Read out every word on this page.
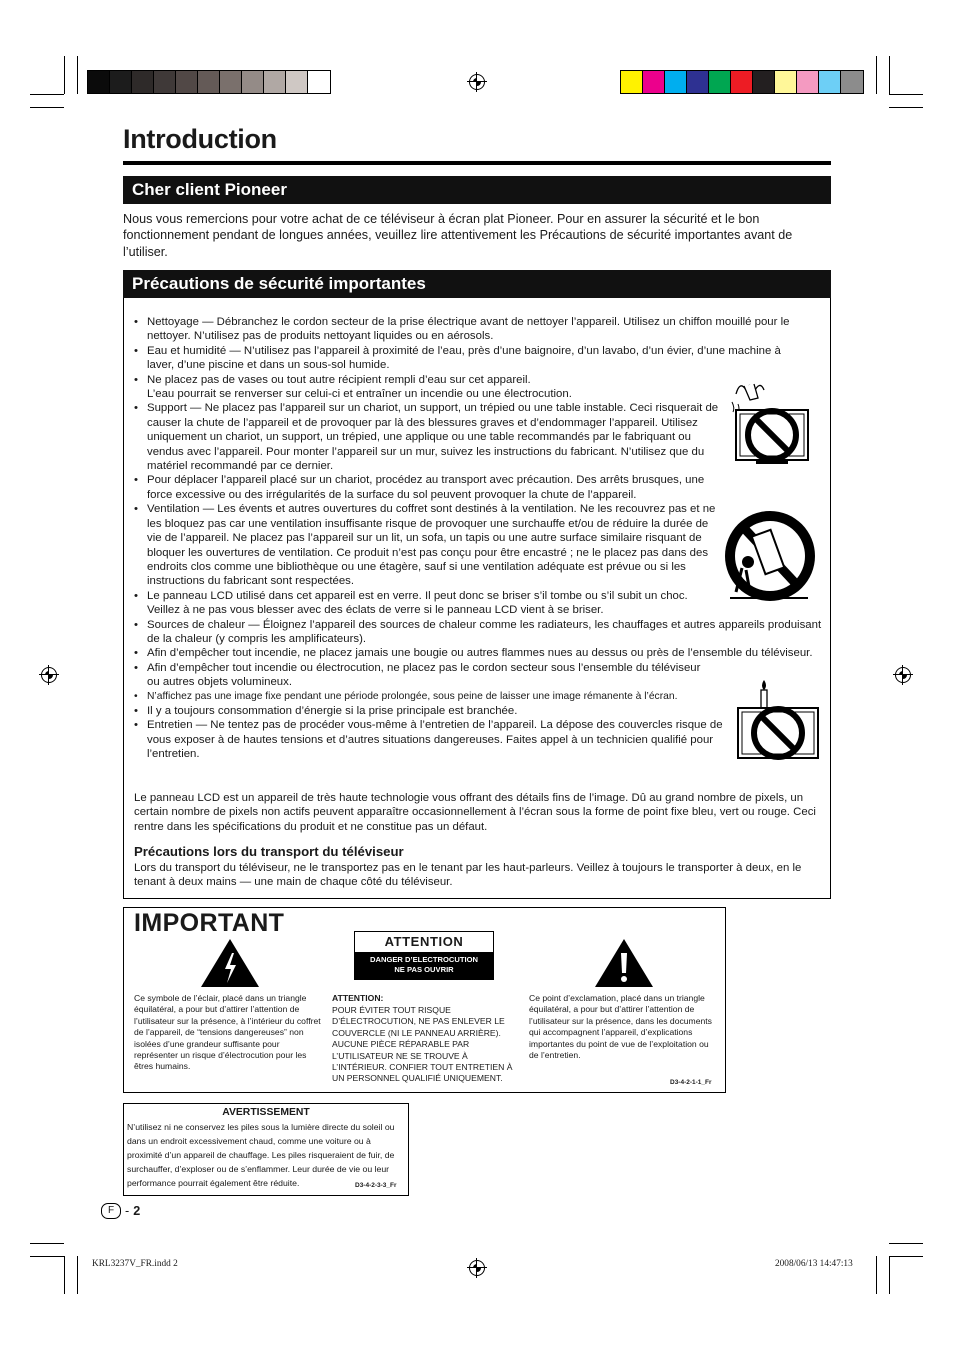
Introduction
Cher client Pioneer
Nous vous remercions pour votre achat de ce téléviseur à écran plat Pioneer. Pour en assurer la sécurité et le bon fonctionnement pendant de longues années, veuillez lire attentivement les Précautions de sécurité importantes avant de l’utiliser.
Précautions de sécurité importantes
• Nettoyage — Débranchez le cordon secteur de la prise électrique avant de nettoyer l’appareil. Utilisez un chiffon mouillé pour le nettoyer. N’utilisez pas de produits nettoyant liquides ou en aérosols.
• Eau et humidité — N’utilisez pas l’appareil à proximité de l’eau, près d’une baignoire, d’un lavabo, d’un évier, d’une machine à laver, d’une piscine et dans un sous-sol humide.
• Ne placez pas de vases ou tout autre récipient rempli d’eau sur cet appareil.
L’eau pourrait se renverser sur celui-ci et entraîner un incendie ou une électrocution.
• Support — Ne placez pas l’appareil sur un chariot, un support, un trépied ou une table instable. Ceci risquerait de causer la chute de l’appareil et de provoquer par là des blessures graves et d’endommager l’appareil. Utilisez uniquement un chariot, un support, un trépied, une applique ou une table recommandés par le fabriquant ou vendus avec l’appareil. Pour monter l’appareil sur un mur, suivez les instructions du fabricant. N’utilisez que du matériel recommandé par ce dernier.
• Pour déplacer l’appareil placé sur un chariot, procédez au transport avec précaution. Des arrêts brusques, une force excessive ou des irrégularités de la surface du sol peuvent provoquer la chute de l’appareil.
• Ventilation — Les évents et autres ouvertures du coffret sont destinés à la ventilation. Ne les recouvrez pas et ne les bloquez pas car une ventilation insuffisante risque de provoquer une surchauffe et/ou de réduire la durée de vie de l’appareil. Ne placez pas l’appareil sur un lit, un sofa, un tapis ou une autre surface similaire risquant de bloquer les ouvertures de ventilation. Ce produit n’est pas conçu pour être encastré ; ne le placez pas dans des endroits clos comme une bibliothèque ou une étagère, sauf si une ventilation adéquate est prévue ou si les instructions du fabricant sont respectées.
• Le panneau LCD utilisé dans cet appareil est en verre. Il peut donc se briser s’il tombe ou s’il subit un choc. Veillez à ne pas vous blesser avec des éclats de verre si le panneau LCD vient à se briser.
• Sources de chaleur — Éloignez l’appareil des sources de chaleur comme les radiateurs, les chauffages et autres appareils produisant de la chaleur (y compris les amplificateurs).
• Afin d’empêcher tout incendie, ne placez jamais une bougie ou autres flammes nues au dessus ou près de l’ensemble du téléviseur.
• Afin d’empêcher tout incendie ou électrocution, ne placez pas le cordon secteur sous l’ensemble du téléviseur ou autres objets volumineux.
• N’affichez pas une image fixe pendant une période prolongée, sous peine de laisser une image rémanente à l’écran.
• Il y a toujours consommation d’énergie si la prise principale est branchée.
• Entretien — Ne tentez pas de procéder vous-même à l’entretien de l’appareil. La dépose des couvercles risque de vous exposer à de hautes tensions et d’autres situations dangereuses. Faites appel à un technicien qualifié pour l’entretien.
Le panneau LCD est un appareil de très haute technologie vous offrant des détails fins de l’image. Dû au grand nombre de pixels, un certain nombre de pixels non actifs peuvent apparaître occasionnellement à l’écran sous la forme de point fixe bleu, vert ou rouge. Ceci rentre dans les spécifications du produit et ne constitue pas un défaut.
Précautions lors du transport du téléviseur
Lors du transport du téléviseur, ne le transportez pas en le tenant par les haut-parleurs. Veillez à toujours le transporter à deux, en le tenant à deux mains — une main de chaque côté du téléviseur.
IMPORTANT
ATTENTION
DANGER D’ELECTROCUTION
NE PAS OUVRIR
Ce symbole de l’éclair, placé dans un triangle équilatéral, a pour but d’attirer l’attention de l’utilisateur sur la présence, à l’intérieur du coffret de l’appareil, de “tensions dangereuses” non isolées d’une grandeur suffisante pour représenter un risque d’électrocution pour les êtres humains.
ATTENTION:
POUR ÉVITER TOUT RISQUE D’ÉLECTROCUTION, NE PAS ENLEVER LE COUVERCLE (NI LE PANNEAU ARRIÈRE). AUCUNE PIÈCE RÉPARABLE PAR L’UTILISATEUR NE SE TROUVE À L’INTÉRIEUR. CONFIER TOUT ENTRETIEN À UN PERSONNEL QUALIFIÉ UNIQUEMENT.
Ce point d’exclamation, placé dans un triangle équilatéral, a pour but d’attirer l’attention de l’utilisateur sur la présence, dans les documents qui accompagnent l’appareil, d’explications importantes du point de vue de l’exploitation ou de l’entretien.
D3-4-2-1-1_Fr
AVERTISSEMENT
N’utilisez ni ne conservez les piles sous la lumière directe du soleil ou dans un endroit excessivement chaud, comme une voiture ou à proximité d’un appareil de chauffage. Les piles risqueraient de fuir, de surchauffer, d’exploser ou de s’enflammer. Leur durée de vie ou leur performance pourrait également être réduite.	D3-4-2-3-3_Fr
F - 2
KRL3237V_FR.indd 2	2008/06/13 14:47:13
